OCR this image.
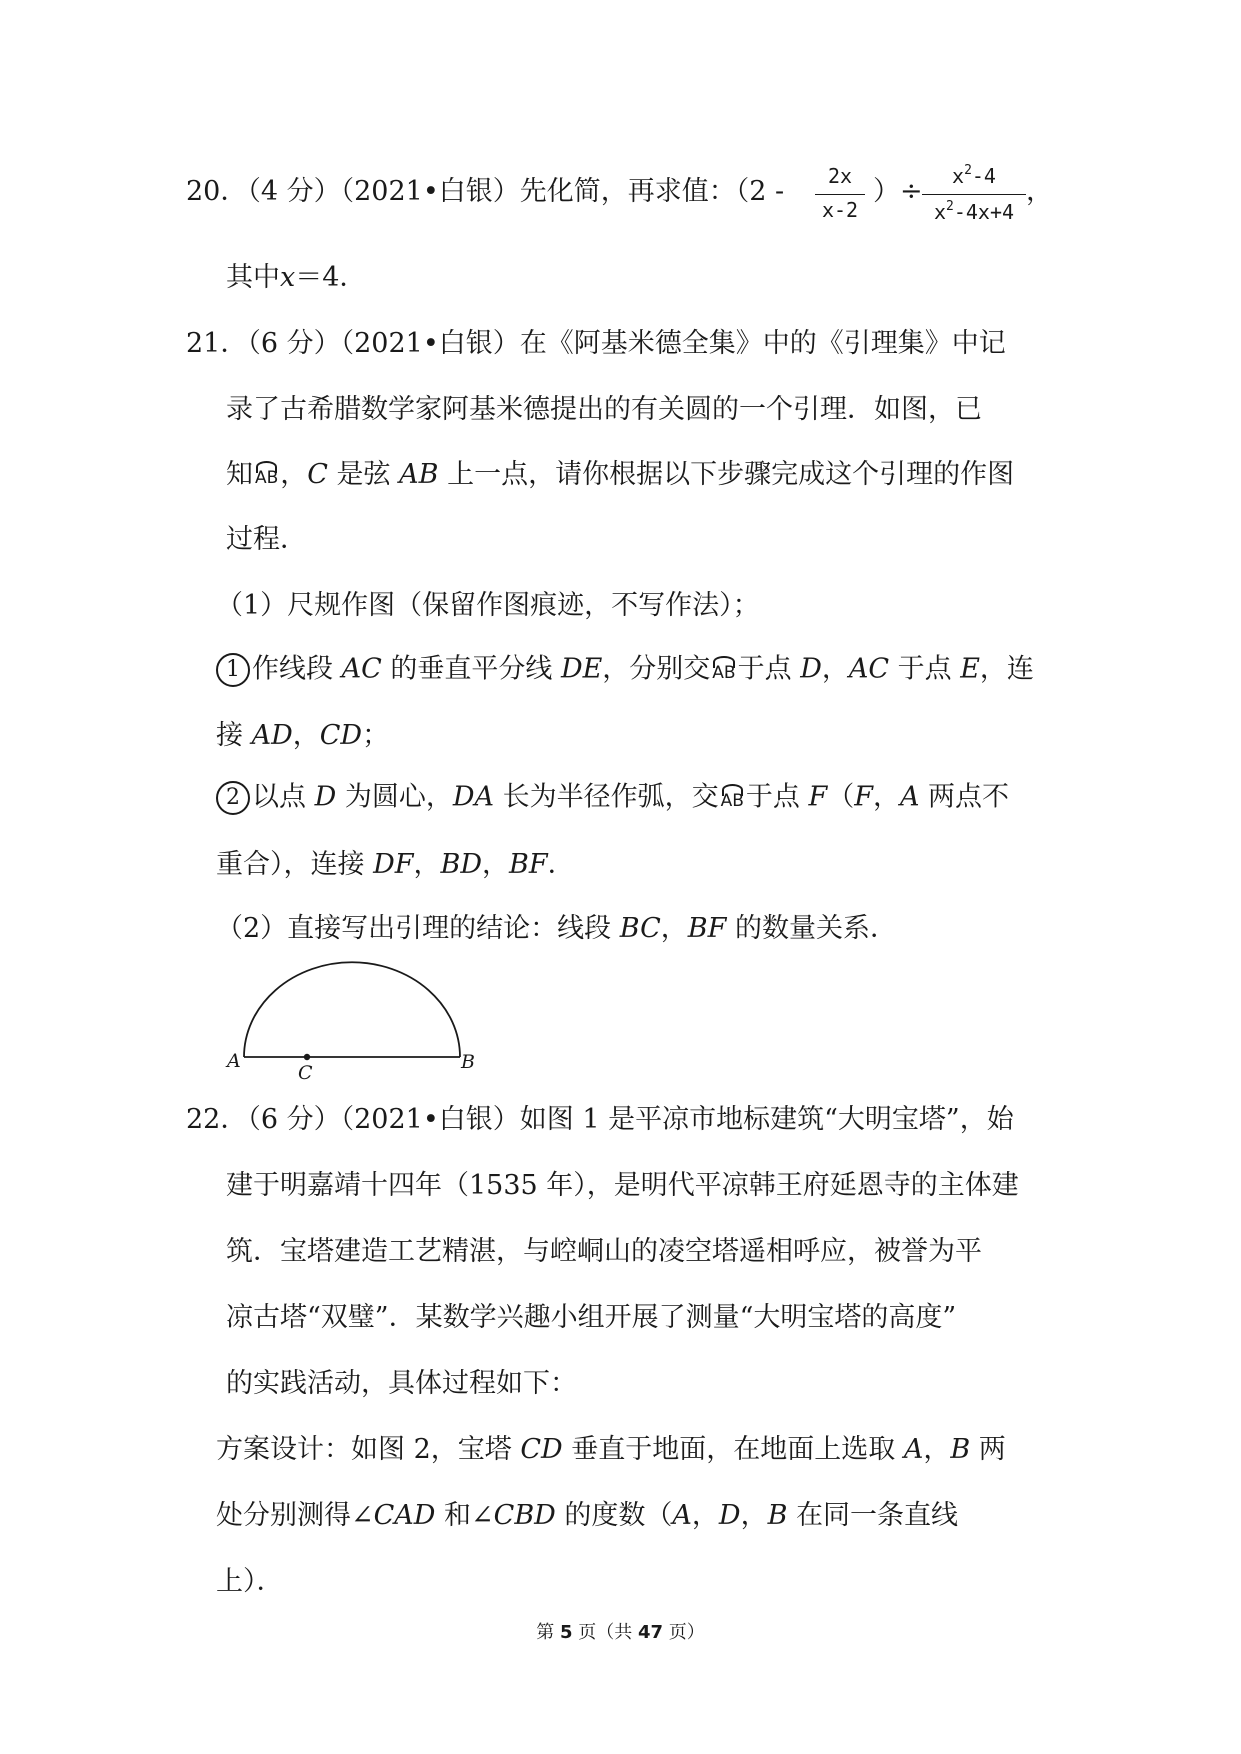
20．（4 分）（2021•白银）先化简，再求值：（2 -	2x
x-2
）÷	$x^2-4$
$x^2-4x+4$
，
其中x＝4．
21．（6 分）（2021•白银）在《阿基米德全集》中的《引理集》中记
录了古希腊数学家阿基米德提出的有关圆的一个引理．如图，已
知 AB，C 是弦 AB 上一点，请你根据以下步骤完成这个引理的作图
过程．
（1）尺规作图（保留作图痕迹，不写作法）；
1 作线段 AC 的垂直平分线 DE，分别交 AB于点 D，AC 于点 E，连
接 AD，CD；
2 以点 D 为圆心，DA 长为半径作弧，交 AB于点 F（F，A 两点不
重合），连接 DF，BD，BF．
（2）直接写出引理的结论：线段 BC，BF 的数量关系．
A	B
C
22．（6 分）（2021•白银）如图 1 是平凉市地标建筑“大明宝塔”，始
建于明嘉靖十四年（1535 年），是明代平凉韩王府延恩寺的主体建
筑．宝塔建造工艺精湛，与崆峒山的凌空塔遥相呼应，被誉为平
凉古塔“双璧”．某数学兴趣小组开展了测量“大明宝塔的高度”
的实践活动，具体过程如下：
方案设计：如图 2，宝塔 CD 垂直于地面，在地面上选取 A，B 两
处分别测得∠CAD 和∠CBD 的度数（A，D，B 在同一条直线
上）．
第 5 页（共 47 页）
